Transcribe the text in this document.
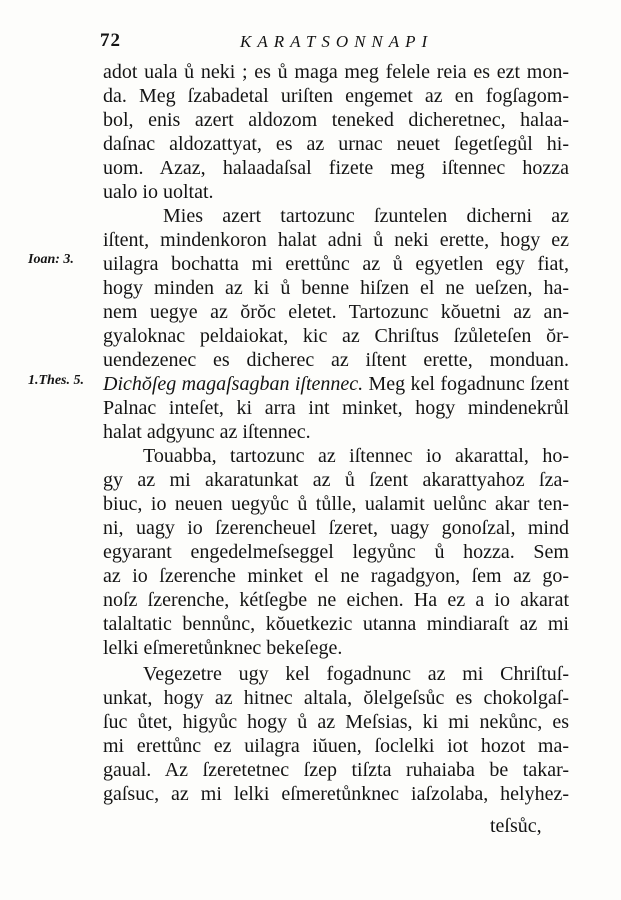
72	KARATSONNAPI
Ioan: 3.
1.Thes. 5.
adot uala ů neki ; es ů maga meg felele reia es ezt mon-
da. Meg ſzabadetal uriſten engemet az en fogſagom-
bol, enis azert aldozom teneked dicheretnec, halaa-
daſnac aldozattyat, es az urnac neuet ſegetſegůl hi-
uom. Azaz, halaadaſsal fizete meg iſtennec hozza
ualo io uoltat.
Mies azert tartozunc ſzuntelen dicherni az
iſtent, mindenkoron halat adni ů neki erette, hogy ez
uilagra bochatta mi erettůnc az ů egyetlen egy fiat,
hogy minden az ki ů benne hiſzen el ne ueſzen, ha-
nem uegye az ŏrŏc eletet. Tartozunc kŏuetni az an-
gyaloknac peldaiokat, kic az Chriſtus ſzůleteſen ŏr-
uendezenec es dicherec az iſtent erette, monduan.
Dichŏſeg magaſsagban iſtennec. Meg kel fogadnunc ſzent
Palnac inteſet, ki arra int minket, hogy mindenekrůl
halat adgyunc az iſtennec.
Touabba, tartozunc az iſtennec io akarattal, ho-
gy az mi akaratunkat az ů ſzent akarattyahoz ſza-
biuc, io neuen uegyůc ů tůlle, ualamit uelůnc akar ten-
ni, uagy io ſzerencheuel ſzeret, uagy gonoſzal, mind
egyarant engedelmeſseggel legyůnc ů hozza. Sem
az io ſzerenche minket el ne ragadgyon, ſem az go-
noſz ſzerenche, kétſegbe ne eichen. Ha ez a io akarat
talaltatic bennůnc, kŏuetkezic utanna mindiaraſt az mi
lelki eſmeretůnknec bekeſege.
Vegezetre ugy kel fogadnunc az mi Chriſtuſ-
unkat, hogy az hitnec altala, ŏlelgeſsůc es chokolgaſ-
ſuc ůtet, higyůc hogy ů az Meſsias, ki mi nekůnc, es
mi erettůnc ez uilagra iŭuen, ſoclelki iot hozot ma-
gaual. Az ſzeretetnec ſzep tiſzta ruhaiaba be takar-
gaſsuc, az mi lelki eſmeretůnknec iaſzolaba, helyhez-
teſsůc,
